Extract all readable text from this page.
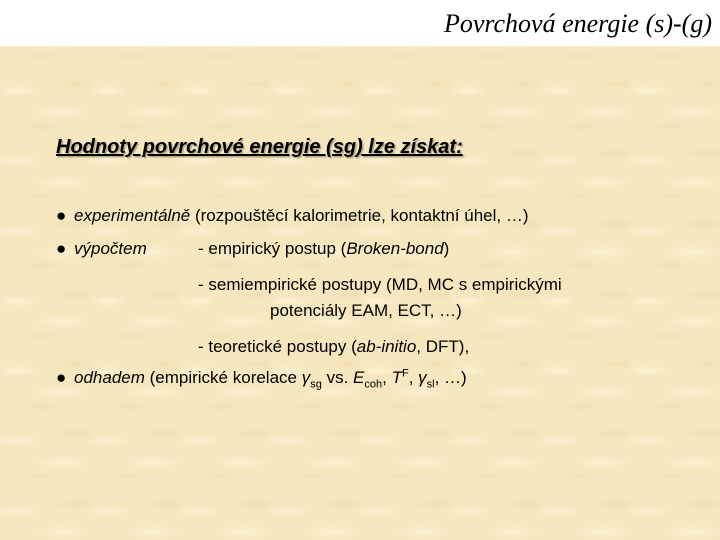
Povrchová energie (s)-(g)
Hodnoty povrchové energie (sg) lze získat:
● experimentálně (rozpouštěcí kalorimetrie, kontaktní úhel, …)
● výpočtem	- empirický postup (Broken-bond)
- semiempirické postupy (MD, MC s empirickými
potenciály EAM, ECT, …)
- teoretické postupy (ab-initio, DFT),
● odhadem (empirické korelace $\gamma_{sg}$ vs. $E_{coh}$, $T^F$, $\gamma_{sl}$, …)
